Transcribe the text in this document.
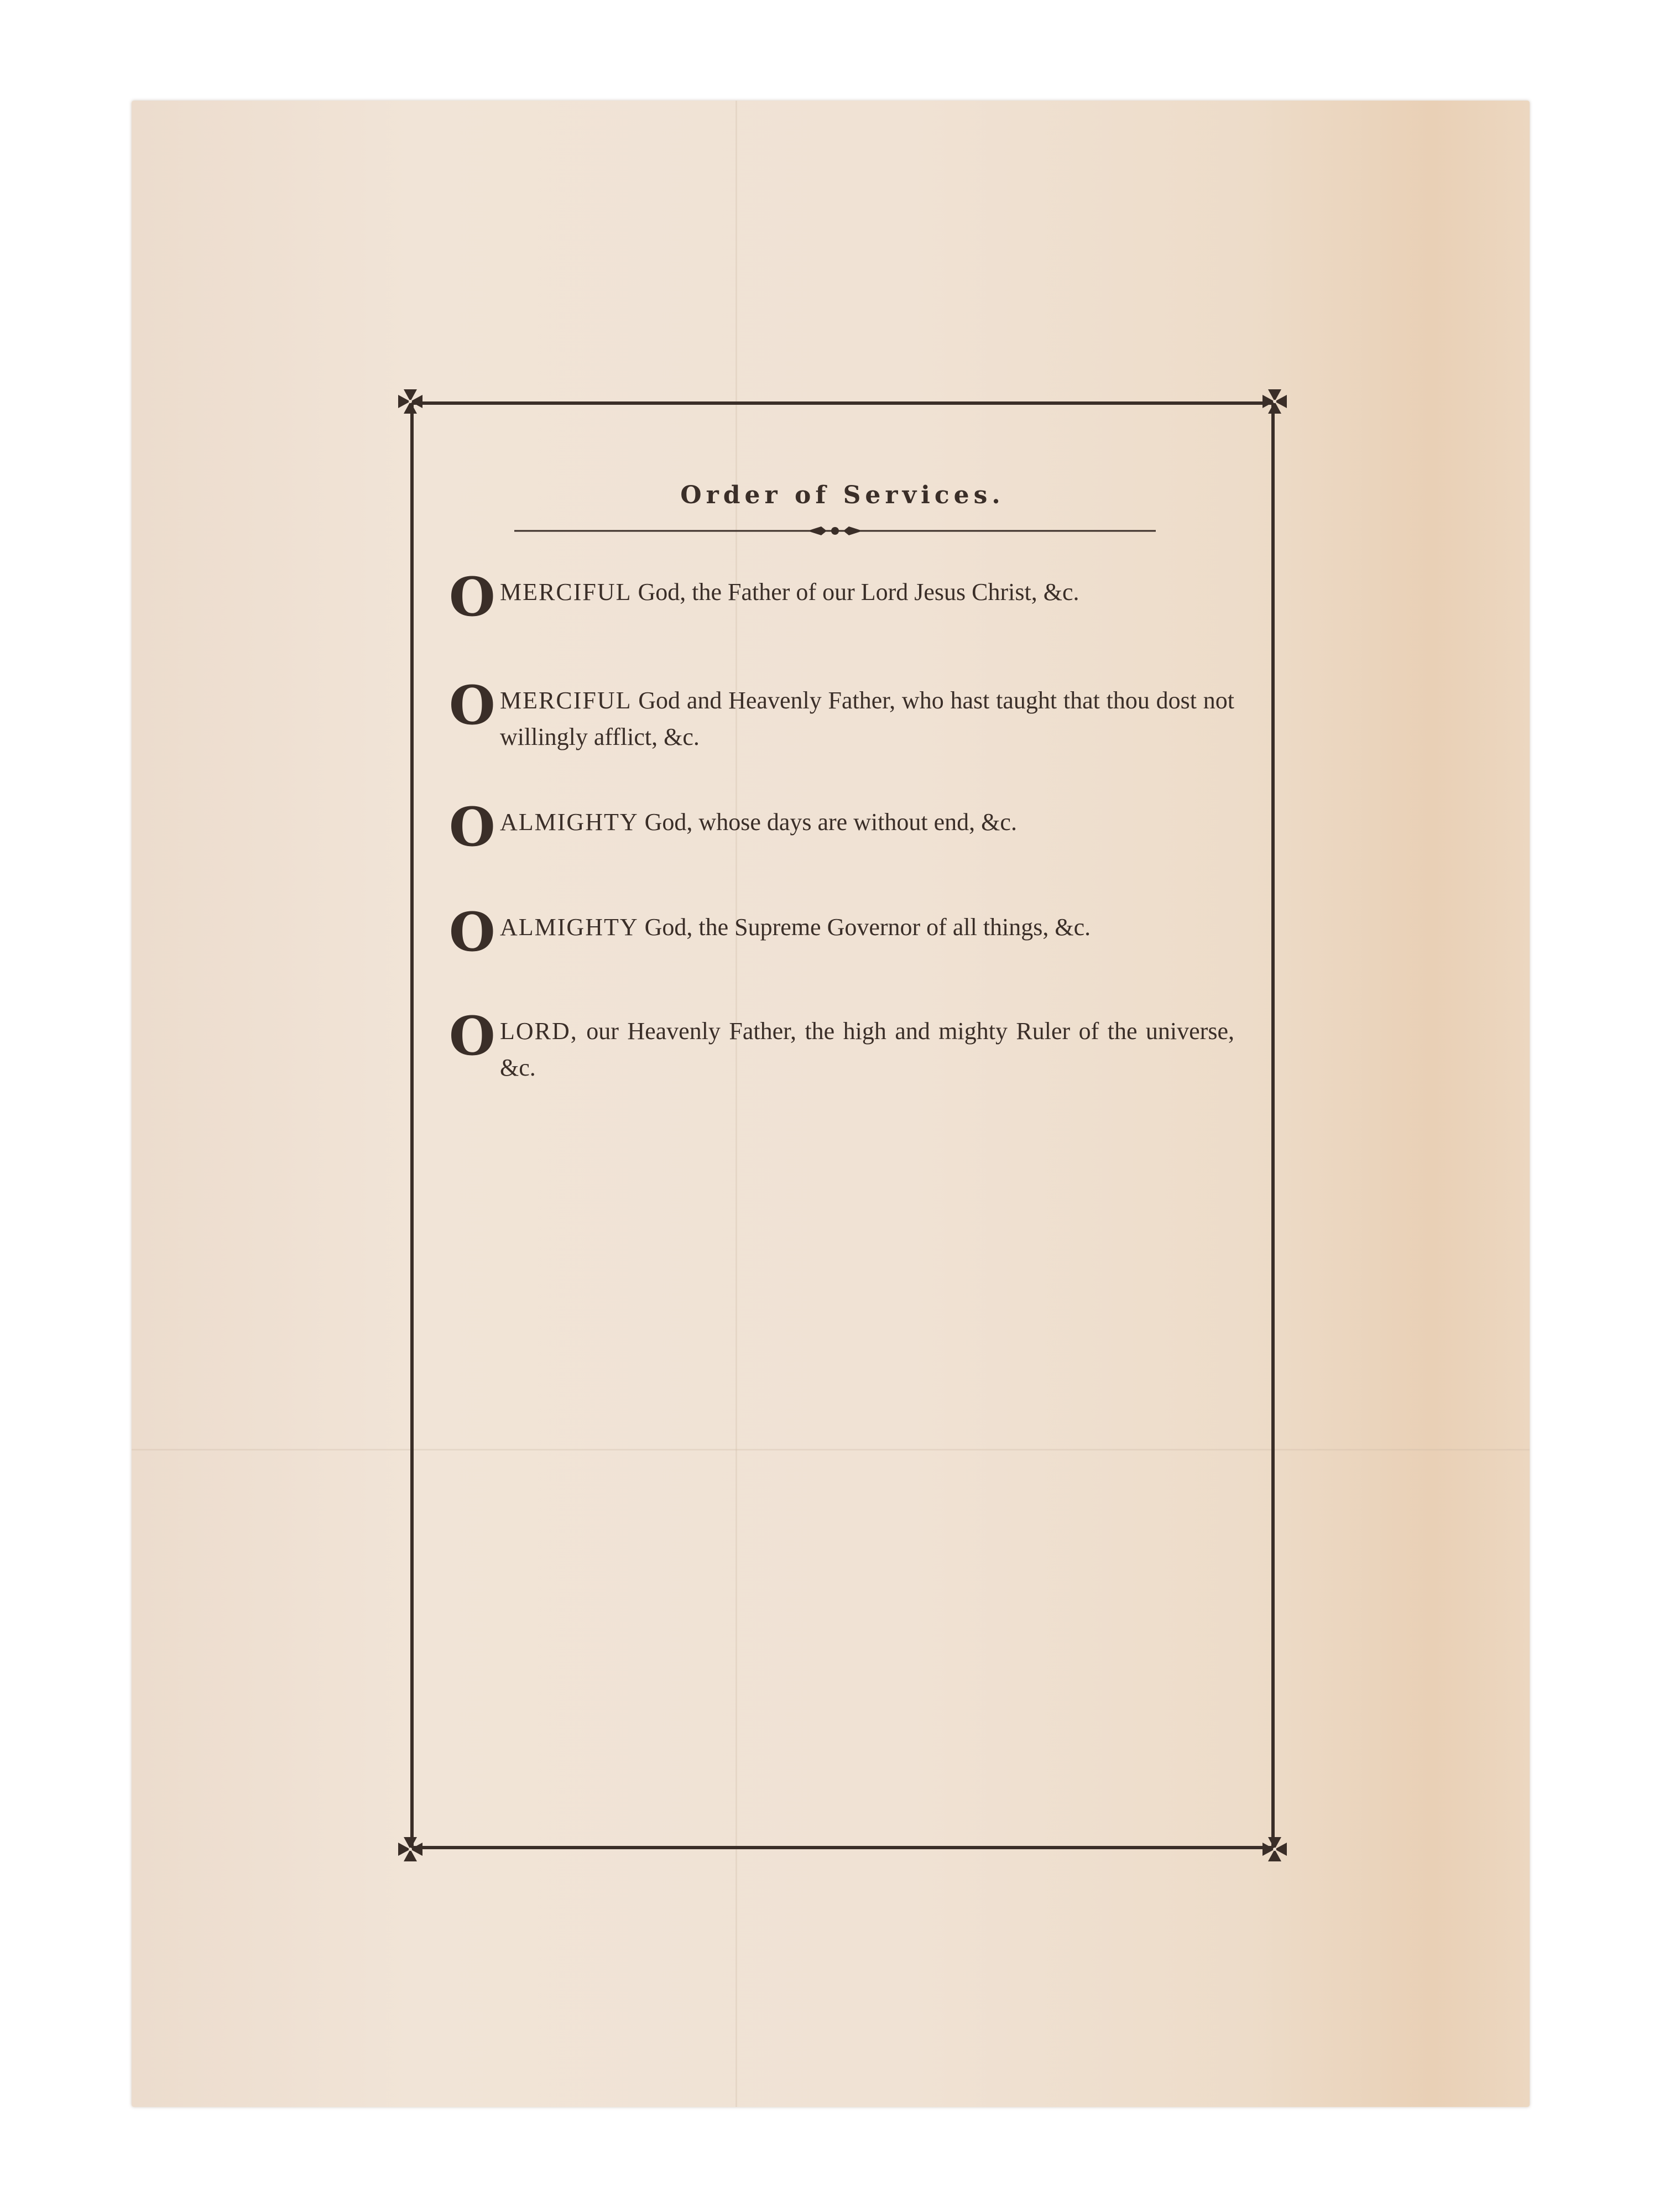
Order of Services.
O MERCIFUL God, the Father of our Lord Jesus Christ, &c.
O MERCIFUL God and Heavenly Father, who hast taught that thou dost not willingly afflict, &c.
O ALMIGHTY God, whose days are without end, &c.
O ALMIGHTY God, the Supreme Governor of all things, &c.
O LORD, our Heavenly Father, the high and mighty Ruler of the universe, &c.
